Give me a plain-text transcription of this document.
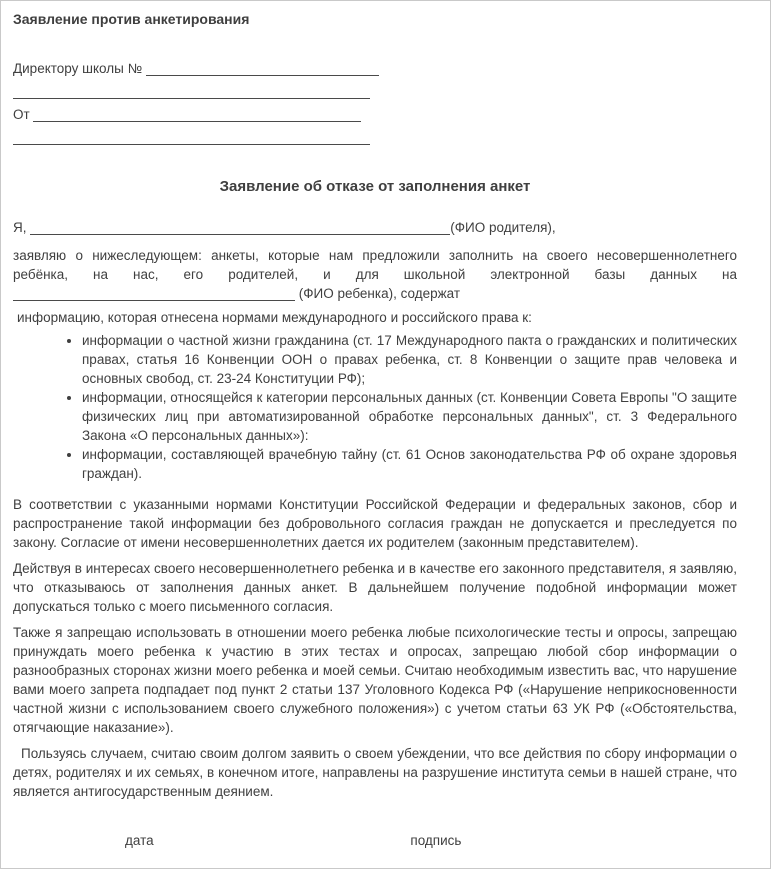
Заявление против анкетирования
Директору школы №
От
Заявление об отказе от заполнения анкет
Я,	(ФИО родителя),

заявляю о нижеследующем: анкеты, которые нам предложили заполнить на своего несовершеннолетнего ребёнка, на нас, его родителей, и для школьной электронной базы данных на  (ФИО ребенка), содержат

информацию, которая отнесена нормами международного и российского права к:

• информации о частной жизни гражданина (ст. 17 Международного пакта о гражданских и политических правах, статья 16 Конвенции ООН о правах ребенка, ст. 8 Конвенции о защите прав человека и основных свобод, ст. 23-24 Конституции РФ);
• информации, относящейся к категории персональных данных (ст. Конвенции Совета Европы "О защите физических лиц при автоматизированной обработке персональных данных", ст. 3 Федерального Закона «О персональных данных»):
• информации, составляющей врачебную тайну (ст. 61 Основ законодательства РФ об охране здоровья граждан).

В соответствии с указанными нормами Конституции Российской Федерации и федеральных законов, сбор и распространение такой информации без добровольного согласия граждан не допускается и преследуется по закону. Согласие от имени несовершеннолетних дается их родителем (законным представителем).

Действуя в интересах своего несовершеннолетнего ребенка и в качестве его законного представителя, я заявляю, что отказываюсь от заполнения данных анкет. В дальнейшем получение подобной информации может допускаться только с моего письменного согласия.

Также я запрещаю использовать в отношении моего ребенка любые психологические тесты и опросы, запрещаю принуждать моего ребенка к участию в этих тестах и опросах, запрещаю любой сбор информации о разнообразных сторонах жизни моего ребенка и моей семьи. Считаю необходимым известить вас, что нарушение вами моего запрета подпадает под пункт 2 статьи 137 Уголовного Кодекса РФ («Нарушение неприкосновенности частной жизни с использованием своего служебного положения») с учетом статьи 63 УК РФ («Обстоятельства, отягчающие наказание»).

Пользуясь случаем, считаю своим долгом заявить о своем убеждении, что все действия по сбору информации о детях, родителях и их семьях, в конечном итоге, направлены на разрушение института семьи в нашей стране, что является антигосударственным деянием.

дата	подпись
